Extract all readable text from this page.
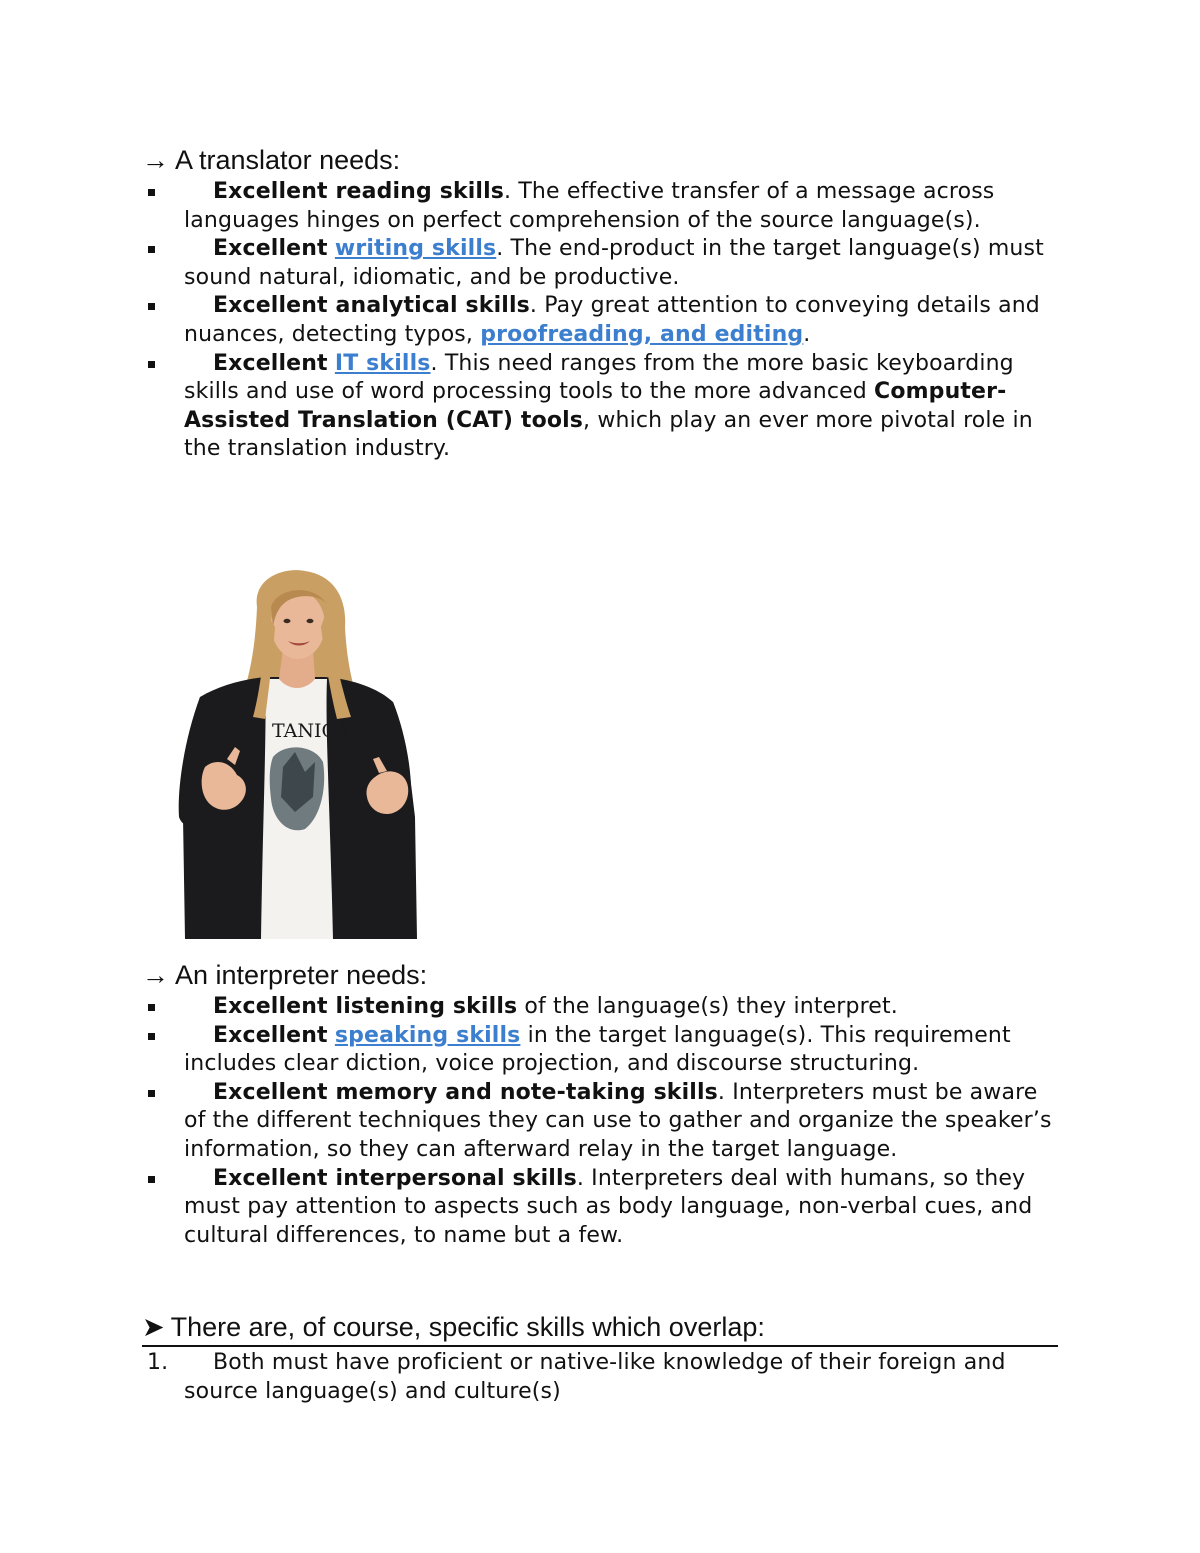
→ A translator needs:
Excellent reading skills. The effective transfer of a message across languages hinges on perfect comprehension of the source language(s).
Excellent writing skills. The end-product in the target language(s) must sound natural, idiomatic, and be productive.
Excellent analytical skills. Pay great attention to conveying details and nuances, detecting typos, proofreading, and editing.
Excellent IT skills. This need ranges from the more basic keyboarding skills and use of word processing tools to the more advanced Computer-Assisted Translation (CAT) tools, which play an ever more pivotal role in the translation industry.
TANICA
→ An interpreter needs:
Excellent listening skills of the language(s) they interpret.
Excellent speaking skills in the target language(s). This requirement includes clear diction, voice projection, and discourse structuring.
Excellent memory and note-taking skills. Interpreters must be aware of the different techniques they can use to gather and organize the speaker’s information, so they can afterward relay in the target language.
Excellent interpersonal skills. Interpreters deal with humans, so they must pay attention to aspects such as body language, non-verbal cues, and cultural differences, to name but a few.
➤ There are, of course, specific skills which overlap:
1. Both must have proficient or native-like knowledge of their foreign and source language(s) and culture(s)
